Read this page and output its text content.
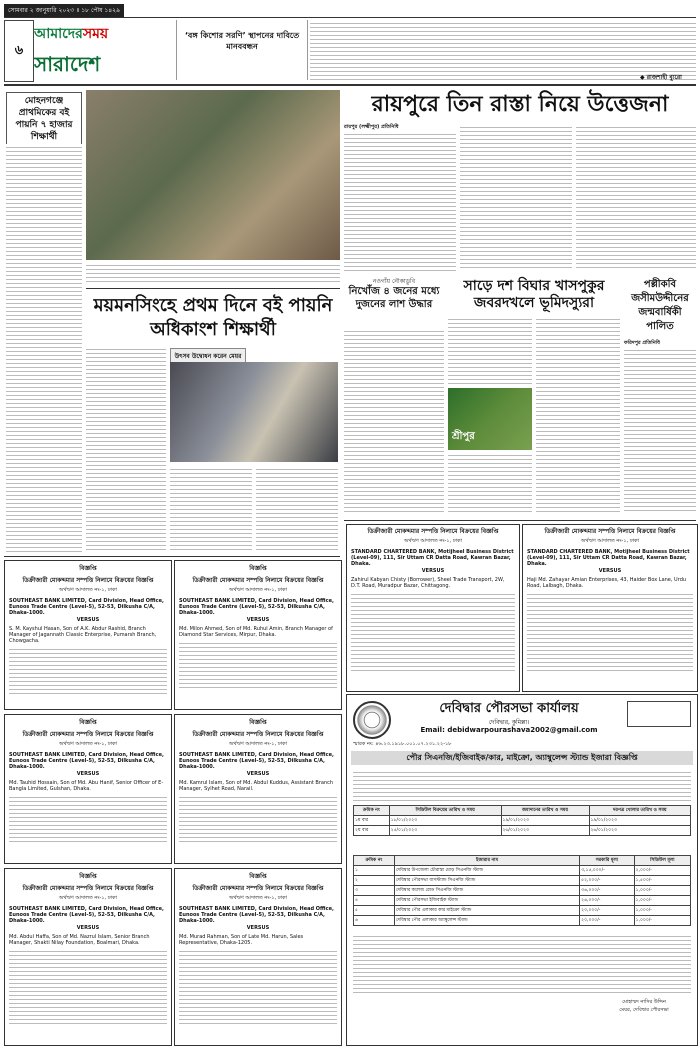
সোমবার ২ জানুয়ারি ২০২৩ ॥ ১৮ পৌষ ১৪২৯
৬
আমাদেরসময়
সারাদেশ
‘বঙ্গ কিশোর সরণি’ স্থাপনের দাবিতে মানববন্ধন
◆ রাজশাহী ব্যুরো
মোহনগঞ্জে প্রাথমিকের বই পায়নি ৭ হাজার শিক্ষার্থী
রায়পুরে তিন রাস্তা নিয়ে উত্তেজনা
রায়পুর (লক্ষ্মীপুর) প্রতিনিধি
ময়মনসিংহে প্রথম দিনে বই পায়নি অধিকাংশ শিক্ষার্থী
উৎসব উদ্বোধন করেন মেয়র
নওগাঁয় নৌকাডুবি
নিখোঁজ ৪ জনের মধ্যে দুজনের লাশ উদ্ধার
সাড়ে দশ বিঘার খাসপুকুর জবরদখলে ভূমিদস্যুরা
শ্রীপুর
পল্লীকবি জসীমউদ্দীনের জন্মবার্ষিকী পালিত
ফরিদপুর প্রতিনিধি
ডিক্রীজারী মোকদ্দমার সম্পত্তি নিলামে বিক্রয়ের বিজ্ঞপ্তি
অর্থঋণ আদালত নং-১, ঢাকা
STANDARD CHARTERED BANK, Motijheel Business District (Level-09), 111, Sir Uttam CR Datta Road, Kawran Bazar, Dhaka.
VERSUS
Zahirul Kabyan Chisty (Borrower), Sheel Trade Transport, 2W, D.T. Road, Muradpur Bazar, Chittagong.
ডিক্রীজারী মোকদ্দমার সম্পত্তি নিলামে বিক্রয়ের বিজ্ঞপ্তি
অর্থঋণ আদালত নং-১, ঢাকা
STANDARD CHARTERED BANK, Motijheel Business District (Level-09), 111, Sir Uttam CR Datta Road, Kawran Bazar, Dhaka.
VERSUS
Haji Md. Zahayar Amian Enterprises, 43, Haider Box Lane, Urdu Road, Lalbagh, Dhaka.
বিজ্ঞপ্তি
ডিক্রীজারী মোকদ্দমার সম্পত্তি নিলামে বিক্রয়ের বিজ্ঞপ্তি
অর্থঋণ আদালত নং-১, ঢাকা
SOUTHEAST BANK LIMITED, Card Division, Head Office, Eunoos Trade Centre (Level-5), 52-53, Dilkusha C/A, Dhaka-1000.
VERSUS
S. M. Kayshul Hasan, Son of A.K. Abdur Rashid, Branch Manager of Jagannath Classic Enterprise, Pumarsh Branch, Chowgacha.
বিজ্ঞপ্তি
ডিক্রীজারী মোকদ্দমার সম্পত্তি নিলামে বিক্রয়ের বিজ্ঞপ্তি
অর্থঋণ আদালত নং-১, ঢাকা
SOUTHEAST BANK LIMITED, Card Division, Head Office, Eunoos Trade Centre (Level-5), 52-53, Dilkusha C/A, Dhaka-1000.
VERSUS
Md. Milon Ahmed, Son of Md. Ruhul Amin, Branch Manager of Diamond Star Services, Mirpur, Dhaka.
বিজ্ঞপ্তি
ডিক্রীজারী মোকদ্দমার সম্পত্তি নিলামে বিক্রয়ের বিজ্ঞপ্তি
অর্থঋণ আদালত নং-১, ঢাকা
SOUTHEAST BANK LIMITED, Card Division, Head Office, Eunoos Trade Centre (Level-5), 52-53, Dilkusha C/A, Dhaka-1000.
VERSUS
Md. Tauhid Hossain, Son of Md. Abu Hanif, Senior Officer of E-Bangla Limited, Gulshan, Dhaka.
বিজ্ঞপ্তি
ডিক্রীজারী মোকদ্দমার সম্পত্তি নিলামে বিক্রয়ের বিজ্ঞপ্তি
অর্থঋণ আদালত নং-১, ঢাকা
SOUTHEAST BANK LIMITED, Card Division, Head Office, Eunoos Trade Centre (Level-5), 52-53, Dilkusha C/A, Dhaka-1000.
VERSUS
Md. Kamrul Islam, Son of Md. Abdul Kuddus, Assistant Branch Manager, Sylhet Road, Narail.
বিজ্ঞপ্তি
ডিক্রীজারী মোকদ্দমার সম্পত্তি নিলামে বিক্রয়ের বিজ্ঞপ্তি
অর্থঋণ আদালত নং-১, ঢাকা
SOUTHEAST BANK LIMITED, Card Division, Head Office, Eunoos Trade Centre (Level-5), 52-53, Dilkusha C/A, Dhaka-1000.
VERSUS
Md. Abdul Haffa, Son of Md. Nazrul Islam, Senior Branch Manager, Shakti Nilay Foundation, Boalmari, Dhaka.
বিজ্ঞপ্তি
ডিক্রীজারী মোকদ্দমার সম্পত্তি নিলামে বিক্রয়ের বিজ্ঞপ্তি
অর্থঋণ আদালত নং-১, ঢাকা
SOUTHEAST BANK LIMITED, Card Division, Head Office, Eunoos Trade Centre (Level-5), 52-53, Dilkusha C/A, Dhaka-1000.
VERSUS
Md. Murad Rahman, Son of Late Md. Harun, Sales Representative, Dhaka-1205.
দেবিদ্বার পৌরসভা কার্যালয়
দেবিদ্বার, কুমিল্লা।
Email: debidwarpourashava2002@gmail.com
স্মারক নং: ৪৬.২৩.১৯১৮.০০১.০৭.২৩১.২২-১৮
পৌর সিএনজি/ইজিবাইক/কার, মাইক্রো, অ্যাম্বুলেন্স স্ট্যান্ড ইজারা বিজ্ঞপ্তি
ক্রমিক নং	সিডিউল বিক্রয়ের তারিখ ও সময়	জমাদানের তারিখ ও সময়	দরপত্র খোলার তারিখ ও সময়
১ম বার	১৮/০১/২০২৩	১৯/০১/২০২৩	১৯/০১/২০২৩
২য় বার	২৫/০১/২০২৩	২৬/০১/২০২৩	২৬/০১/২০২৩
ক্রমিক নং	ইজারার নাম	সরকারি মূল্য	সিডিউল মূল্য
১	দেবিদ্বার উপজেলা চৌরাস্তা মোড় সিএনজি স্ট্যান্ড	৩,১৫,০০০/-	২,০০০/-
২	দেবিদ্বার পৌরসভা বাসস্ট্যান্ড সিএনজি স্ট্যান্ড	৫২,০০০/-	১,৫০০/-
৩	দেবিদ্বার কলেজ রোড সিএনজি স্ট্যান্ড	৩৬,০০০/-	১,০০০/-
৪	দেবিদ্বার পৌরসভা ইজিবাইক স্ট্যান্ড	২৬,০০০/-	১,০০০/-
৫	দেবিদ্বার পৌর এলাকার কার মাইক্রো স্ট্যান্ড	২০,০০০/-	১,০০০/-
৬	দেবিদ্বার পৌর এলাকার অ্যাম্বুলেন্স স্ট্যান্ড	২০,০০০/-	১,০০০/-
মোহাম্মদ নাসির উদ্দিন
মেয়র, দেবিদ্বার পৌরসভা
